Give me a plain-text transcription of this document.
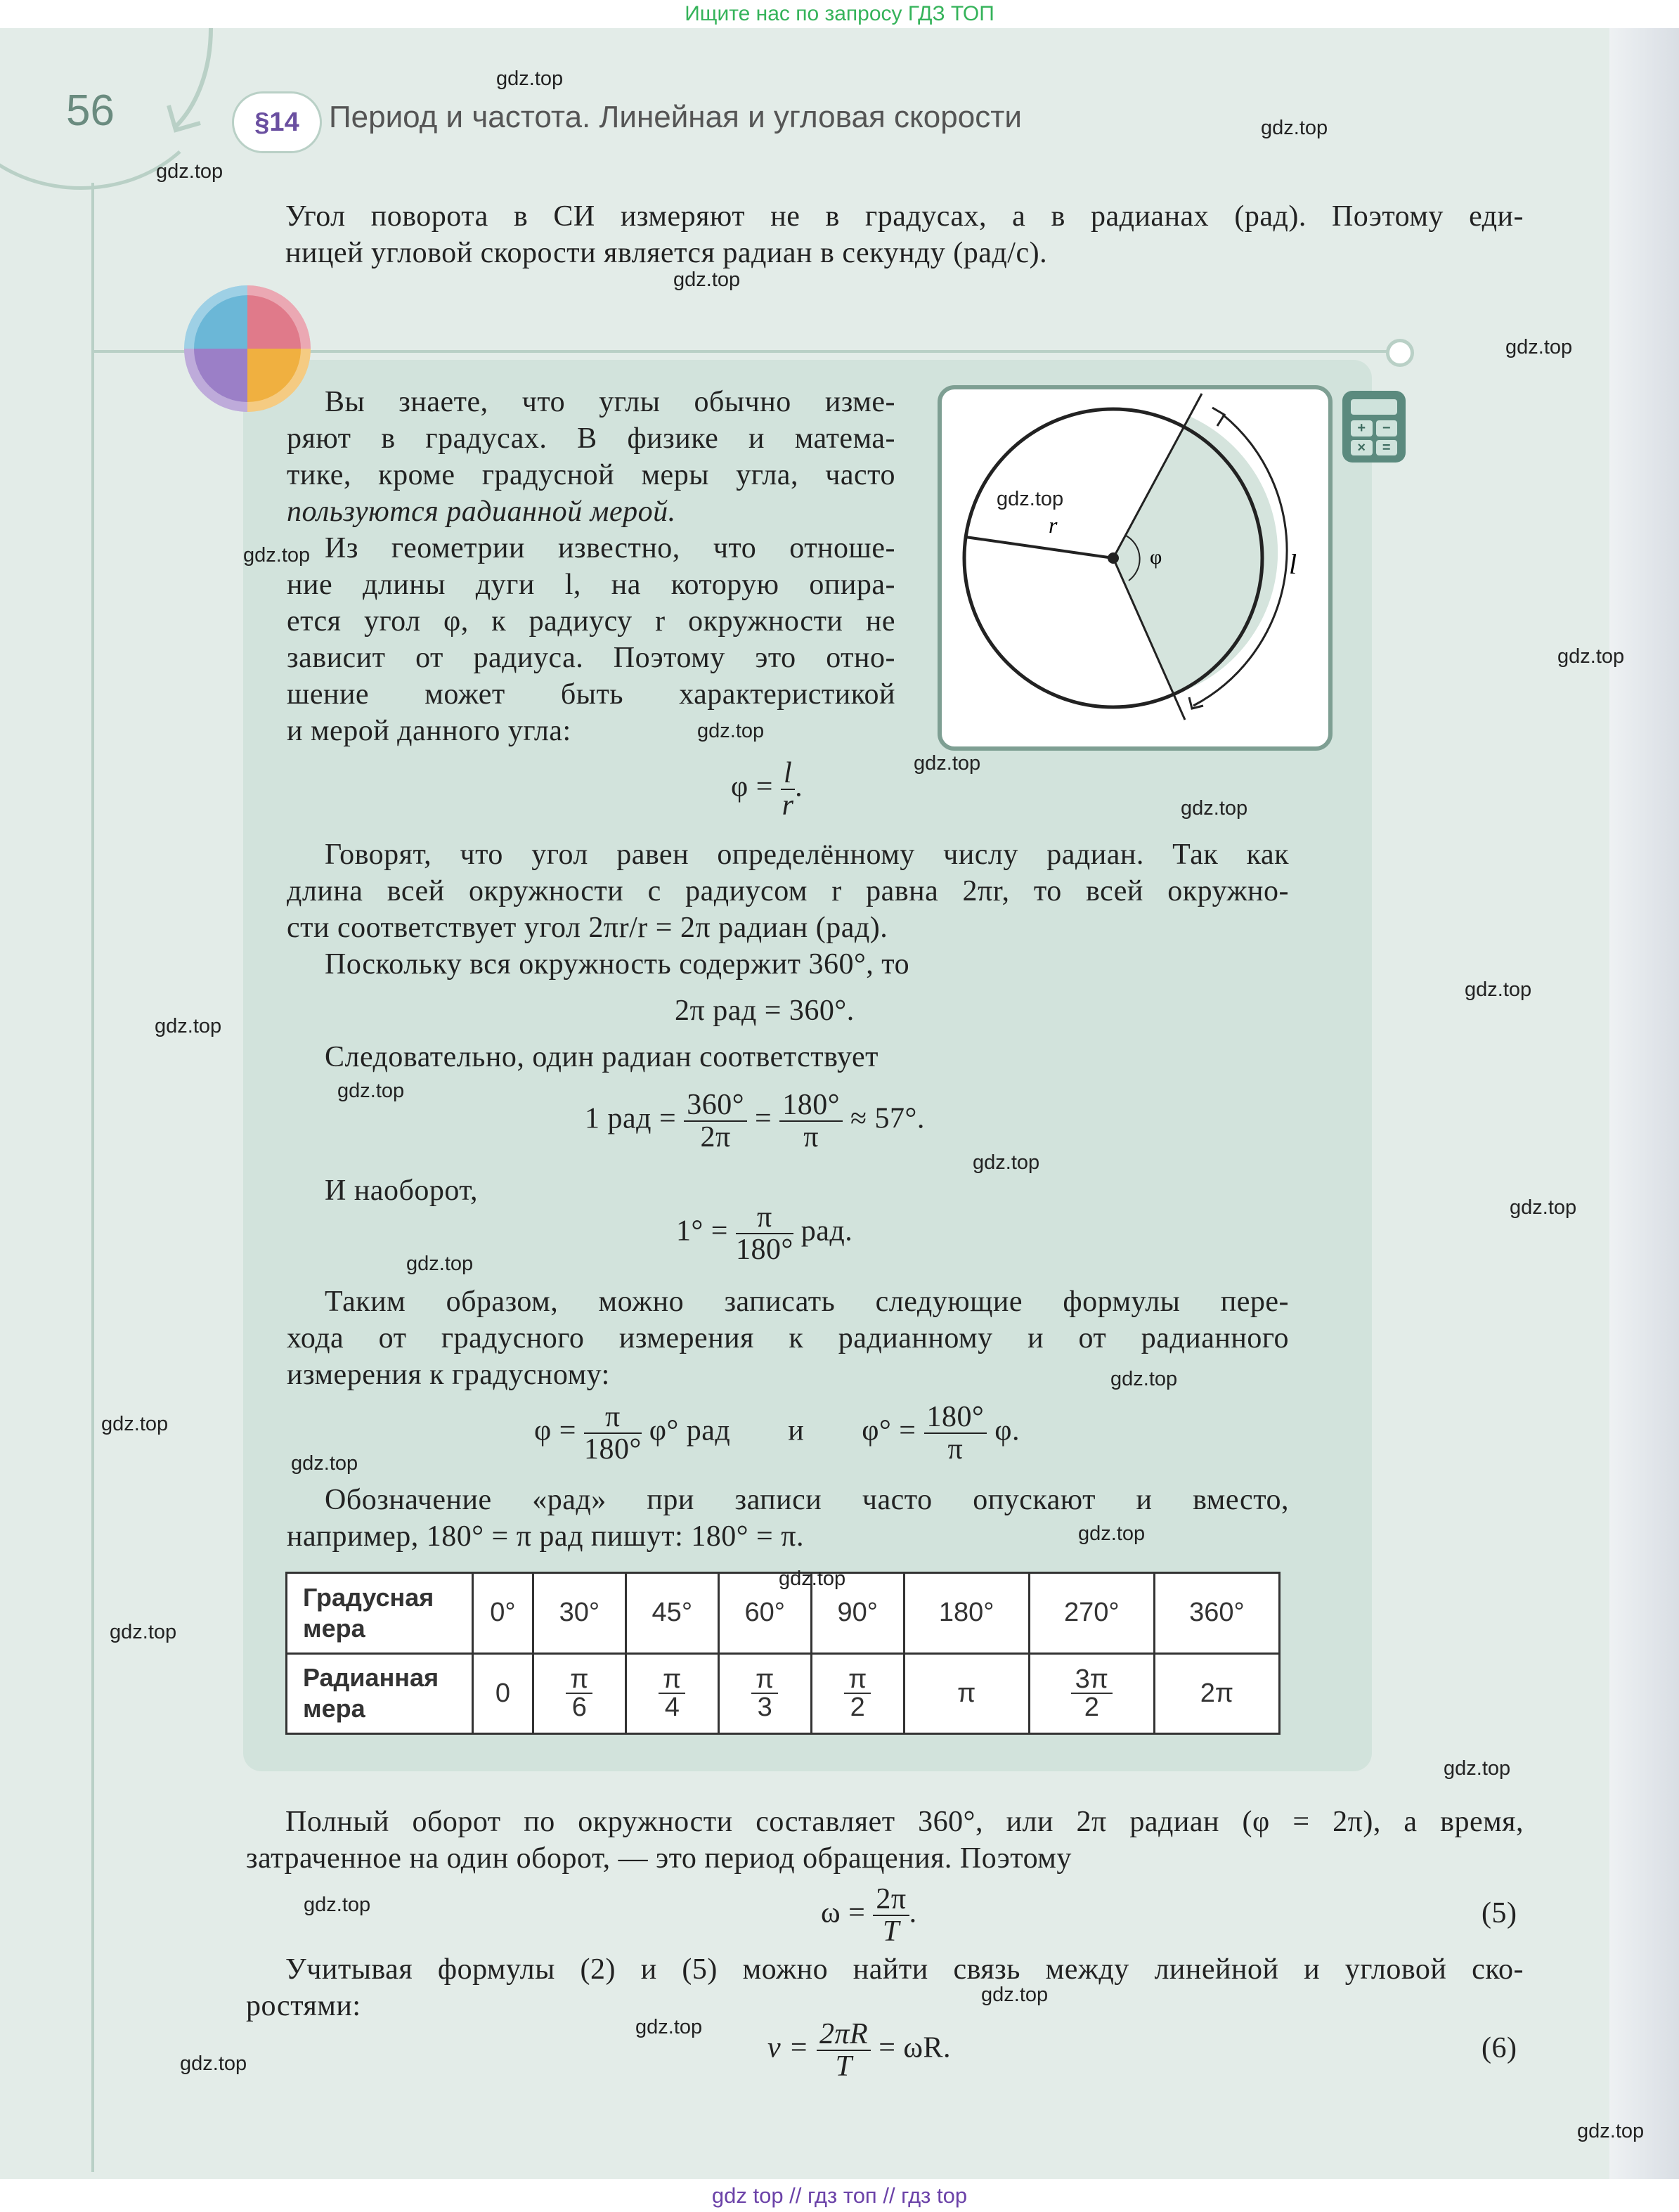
Ищите нас по запросу ГДЗ ТОП
56	§14 Период и частота. Линейная и угловая скорости
Угол поворота в СИ измеряют не в градусах, а в радианах (рад). Поэтому еди-
ницей угловой скорости является радиан в секунду (рад/с).
+	−
×	=
r
φ	l
Вы знаете, что углы обычно изме-
ряют в градусах. В физике и матема-
тике, кроме градусной меры угла, часто
пользуются радианной мерой.
Из геометрии известно, что отноше-
ние длины дуги l, на которую опира-
ется угол φ, к радиусу r окружности не
зависит от радиуса. Поэтому это отно-
шение может быть характеристикой
и мерой данного угла:
$\varphi = \frac{l}{r}$ .
Говорят, что угол равен определённому числу радиан. Так как
длина всей окружности с радиусом r равна 2πr, то всей окружно-
сти соответствует угол 2πr/r = 2π радиан (рад).
Поскольку вся окружность содержит 360°, то
2π рад = 360°.
Следовательно, один радиан соответствует
1 рад = $\frac{360^\circ}{2\pi} = \frac{180^\circ}{\pi} \approx 57^\circ$.
И наоборот,
$1^\circ = \frac{\pi}{180^\circ}$ рад.
Таким образом, можно записать следующие формулы пере-
хода от градусного измерения к радианному и от радианного
измерения к градусному:
$\varphi = \frac{\pi}{180^\circ} \varphi^\circ$ рад и $\varphi^\circ = \frac{180^\circ}{\pi} \varphi$.
Обозначение «рад» при записи часто опускают и вместо,
например, 180° = π рад пишут: 180° = π.
Градусная
мера	0°	30°	45°	60°	90°	180°	270°	360°
Радианная
мера	0	$\frac{\pi}{6}$	$\frac{\pi}{4}$	$\frac{\pi}{3}$	$\frac{\pi}{2}$	π	$\frac{3\pi}{2}$	2π
Полный оборот по окружности составляет 360°, или 2π радиан (φ = 2π), а время,
затраченное на один оборот, — это период обращения. Поэтому
$\omega = \frac{2\pi}{T}$ .	(5)
Учитывая формулы (2) и (5) можно найти связь между линейной и угловой ско-
ростями:
$v = \frac{2\pi R}{T} = \omega R$.	(6)
gdz.top
gdz.top
gdz.top
gdz.top
gdz.top
gdz.top
gdz.top
gdz.top
gdz.top
gdz.top
gdz.top
gdz.top
gdz.top
gdz.top
gdz.top
gdz.top
gdz.top
gdz.top
gdz.top
gdz.top
gdz.top
gdz.top
gdz.top
gdz.top
gdz.top
gdz.top
gdz.top
gdz.top
gdz.top
gdz top // гдз топ // гдз top
